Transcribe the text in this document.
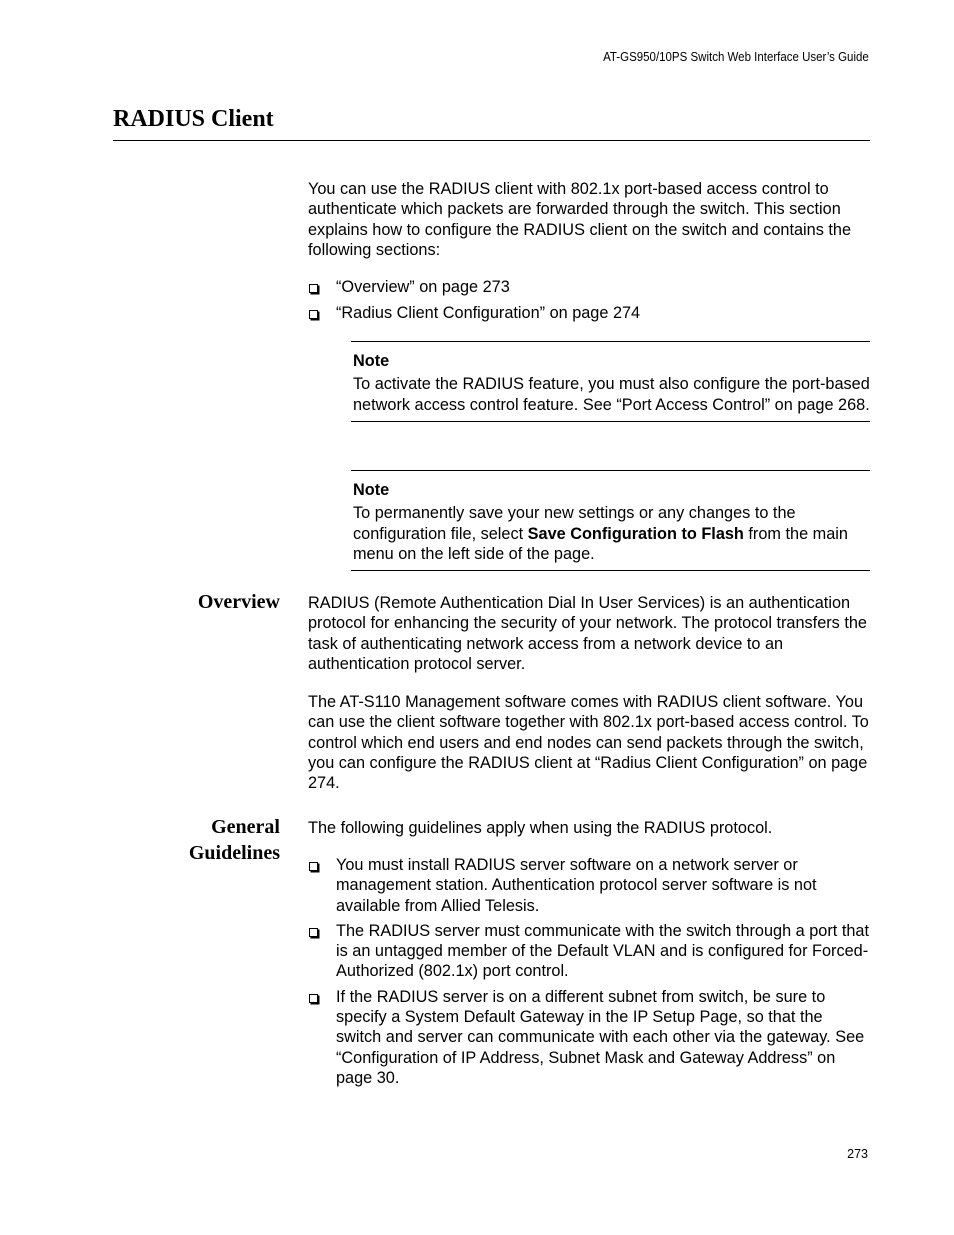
AT-GS950/10PS Switch Web Interface User’s Guide
RADIUS Client

You can use the RADIUS client with 802.1x port-based access control to authenticate which packets are forwarded through the switch. This section explains how to configure the RADIUS client on the switch and contains the following sections:

“Overview” on page 273
“Radius Client Configuration” on page 274

Note

To activate the RADIUS feature, you must also configure the port-based network access control feature. See “Port Access Control” on page 268.

Note

To permanently save your new settings or any changes to the configuration file, select Save Configuration to Flash from the main menu on the left side of the page.

Overview RADIUS (Remote Authentication Dial In User Services) is an authentication protocol for enhancing the security of your network. The protocol transfers the task of authenticating network access from a network device to an authentication protocol server.

The AT-S110 Management software comes with RADIUS client software. You can use the client software together with 802.1x port-based access control. To control which end users and end nodes can send packets through the switch, you can configure the RADIUS client at “Radius Client Configuration” on page 274.

General
Guidelines

The following guidelines apply when using the RADIUS protocol.

You must install RADIUS server software on a network server or management station. Authentication protocol server software is not available from Allied Telesis.
The RADIUS server must communicate with the switch through a port that is an untagged member of the Default VLAN and is configured for Forced-Authorized (802.1x) port control.
If the RADIUS server is on a different subnet from switch, be sure to specify a System Default Gateway in the IP Setup Page, so that the switch and server can communicate with each other via the gateway. See “Configuration of IP Address, Subnet Mask and Gateway Address” on page 30.
273
